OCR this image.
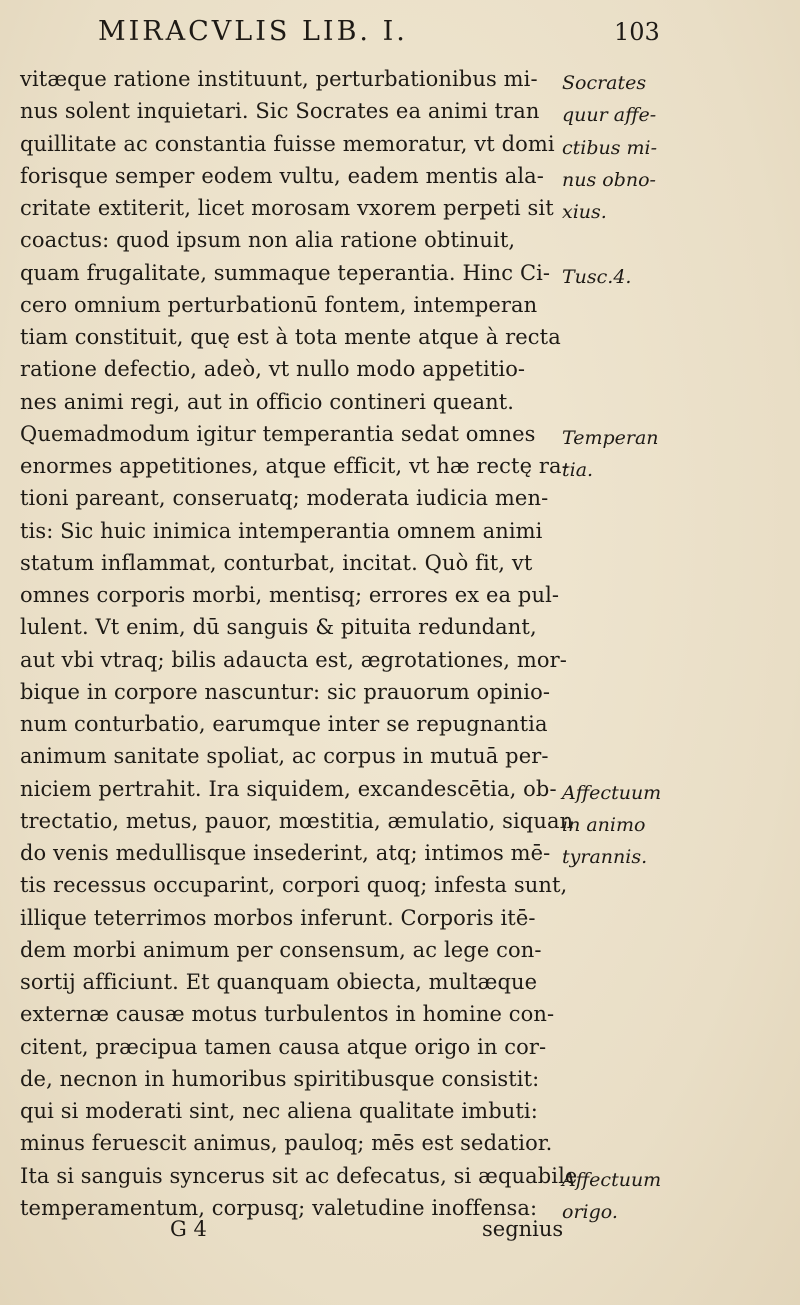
MIRACVLIS LIB. I.	103
vitæque ratione instituunt, perturbationibus mi-
nus solent inquietari. Sic Socrates ea animi tran
quillitate ac constantia fuisse memoratur, vt domi
forisque semper eodem vultu, eadem mentis ala-
critate extiterit, licet morosam vxorem perpeti sit
coactus: quod ipsum non alia ratione obtinuit,
quam frugalitate, summaque teperantia. Hinc Ci-
cero omnium perturbationū fontem, intemperan
tiam constituit, quę est à tota mente atque à recta
ratione defectio, adeò, vt nullo modo appetitio-
nes animi regi, aut in officio contineri queant.
Quemadmodum igitur temperantia sedat omnes
enormes appetitiones, atque efficit, vt hæ rectę ra-
tioni pareant, conseruatq; moderata iudicia men-
tis: Sic huic inimica intemperantia omnem animi
statum inflammat, conturbat, incitat. Quò fit, vt
omnes corporis morbi, mentisq; errores ex ea pul-
lulent. Vt enim, dū sanguis & pituita redundant,
aut vbi vtraq; bilis adaucta est, ægrotationes, mor-
bique in corpore nascuntur: sic prauorum opinio-
num conturbatio, earumque inter se repugnantia
animum sanitate spoliat, ac corpus in mutuā per-
niciem pertrahit. Ira siquidem, excandescētia, ob-
trectatio, metus, pauor, mœstitia, æmulatio, siquan
do venis medullisque insederint, atq; intimos mē-
tis recessus occuparint, corpori quoq; infesta sunt,
illique teterrimos morbos inferunt. Corporis itē-
dem morbi animum per consensum, ac lege con-
sortij afficiunt. Et quanquam obiecta, multæque
externæ causæ motus turbulentos in homine con-
citent, præcipua tamen causa atque origo in cor-
de, necnon in humoribus spiritibusque consistit:
qui si moderati sint, nec aliena qualitate imbuti:
minus feruescit animus, pauloq; mēs est sedatior.
Ita si sanguis syncerus sit ac defecatus, si æquabile
temperamentum, corpusq; valetudine inoffensa:
Socrates
quur affe-
ctibus mi-
nus obno-
xius.
Tusc.4.
Temperan
tia.
Affectuum
in animo
tyrannis.
Affectuum
origo.
G 4	segnius
